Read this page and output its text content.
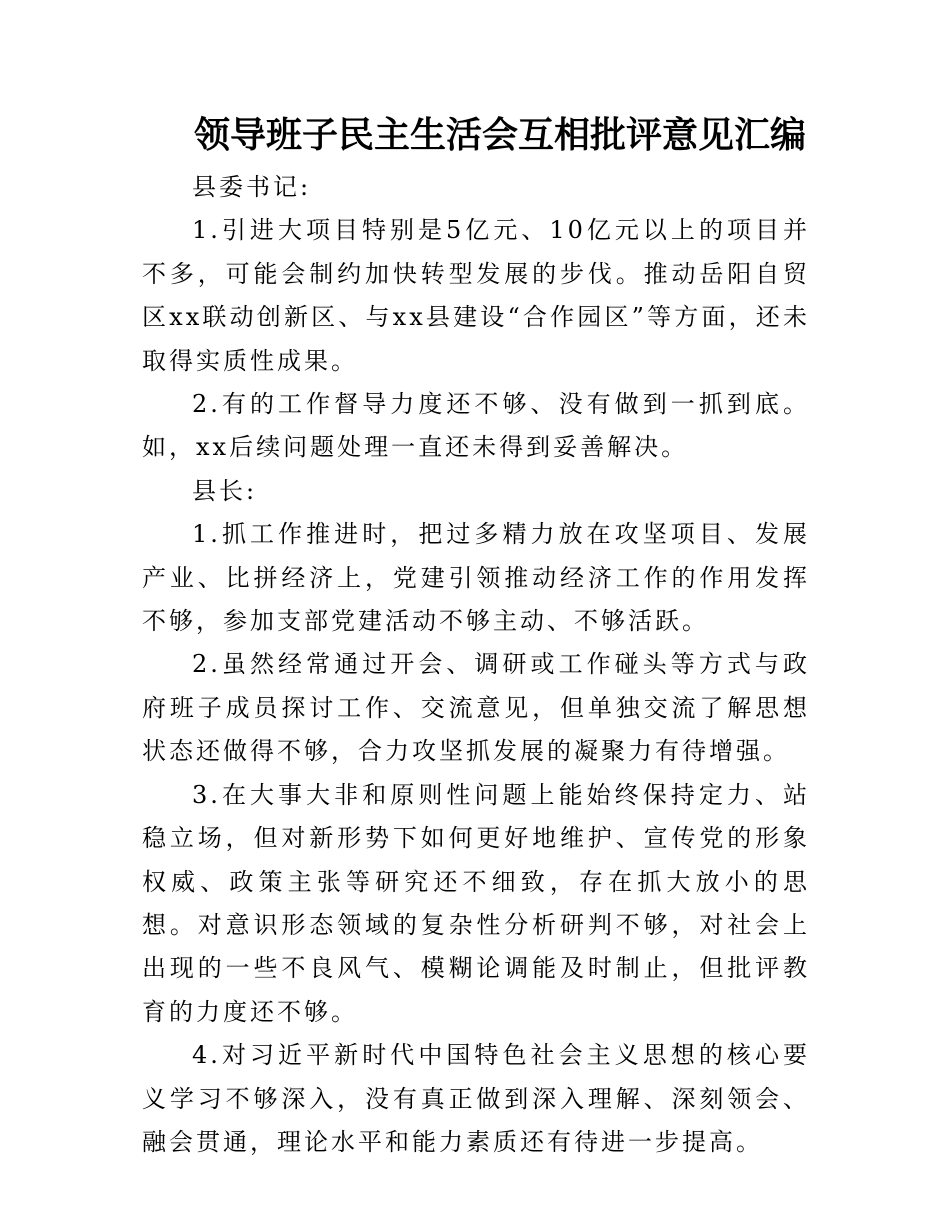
领导班子民主生活会互相批评意见汇编

县委书记:

1.引进大项目特别是5亿元、10亿元以上的项目并不多，可能会制约加快转型发展的步伐。推动岳阳自贸区xx联动创新区、与xx县建设“合作园区”等方面，还未取得实质性成果。

2.有的工作督导力度还不够、没有做到一抓到底。如，xx后续问题处理一直还未得到妥善解决。

县长:

1.抓工作推进时，把过多精力放在攻坚项目、发展产业、比拼经济上，党建引领推动经济工作的作用发挥不够，参加支部党建活动不够主动、不够活跃。

2.虽然经常通过开会、调研或工作碰头等方式与政府班子成员探讨工作、交流意见，但单独交流了解思想状态还做得不够，合力攻坚抓发展的凝聚力有待增强。

3.在大事大非和原则性问题上能始终保持定力、站稳立场，但对新形势下如何更好地维护、宣传党的形象权威、政策主张等研究还不细致，存在抓大放小的思想。对意识形态领域的复杂性分析研判不够，对社会上出现的一些不良风气、模糊论调能及时制止，但批评教育的力度还不够。

4.对习近平新时代中国特色社会主义思想的核心要义学习不够深入，没有真正做到深入理解、深刻领会、融会贯通，理论水平和能力素质还有待进一步提高。
